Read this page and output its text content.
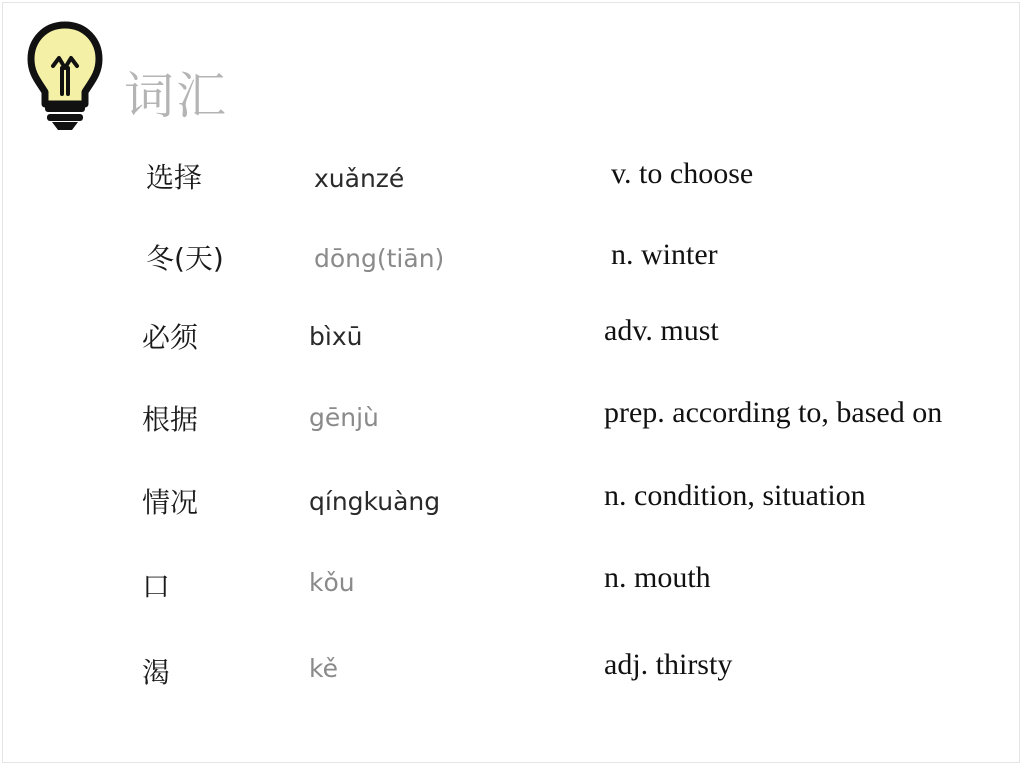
词汇
选择	xuǎnzé	v. to choose
冬(天)	dōng(tiān)	n. winter
必须	bìxū	adv. must
根据	gēnjù	prep. according to, based on
情况	qíngkuàng	n. condition, situation
口	kǒu	n. mouth
渴	kě	adj. thirsty
